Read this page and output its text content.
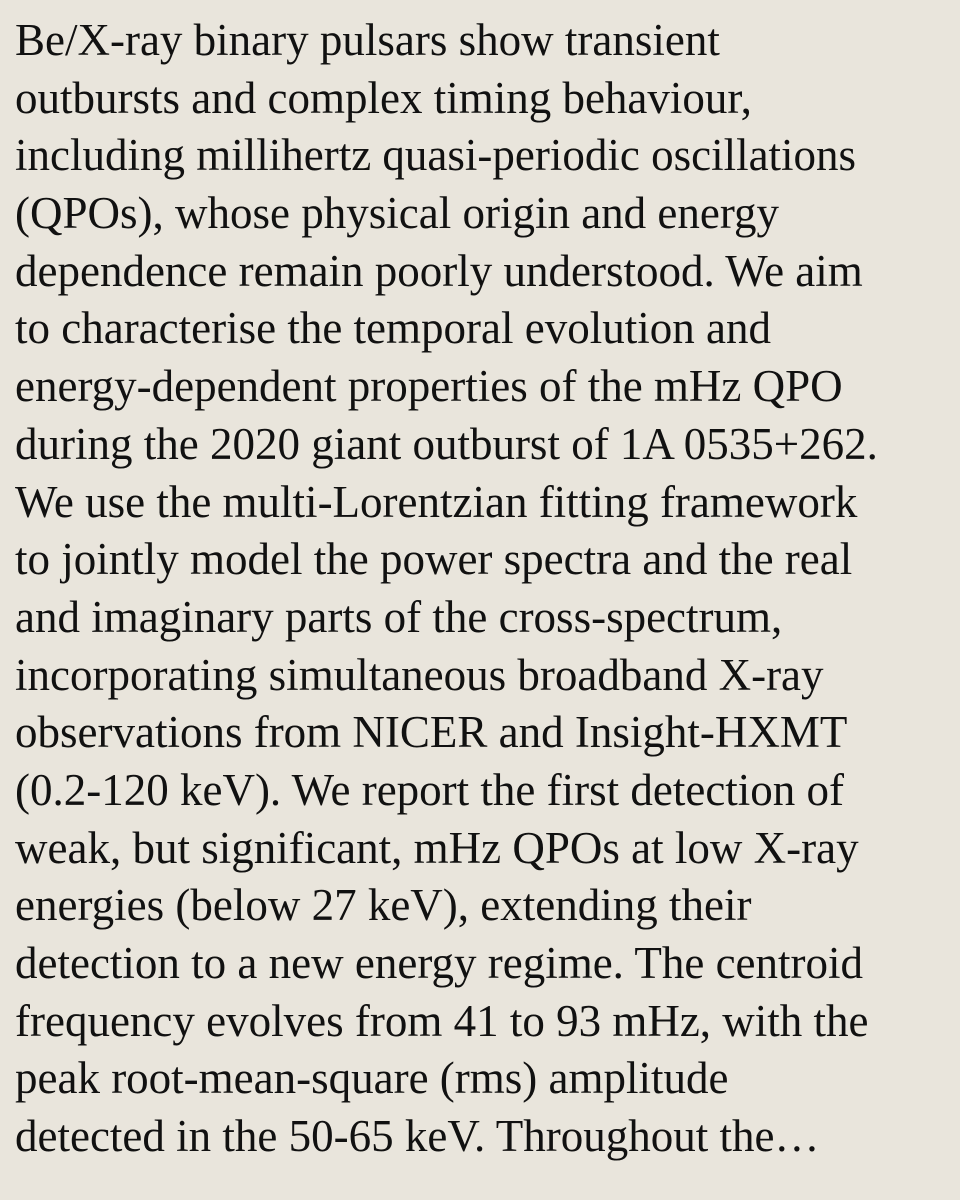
Be/X-ray binary pulsars show transient
outbursts and complex timing behaviour,
including millihertz quasi-periodic oscillations
(QPOs), whose physical origin and energy
dependence remain poorly understood. We aim
to characterise the temporal evolution and
energy-dependent properties of the mHz QPO
during the 2020 giant outburst of 1A 0535+262.
We use the multi-Lorentzian fitting framework
to jointly model the power spectra and the real
and imaginary parts of the cross-spectrum,
incorporating simultaneous broadband X-ray
observations from NICER and Insight-HXMT
(0.2-120 keV). We report the first detection of
weak, but significant, mHz QPOs at low X-ray
energies (below 27 keV), extending their
detection to a new energy regime. The centroid
frequency evolves from 41 to 93 mHz, with the
peak root-mean-square (rms) amplitude
detected in the 50-65 keV. Throughout the…
